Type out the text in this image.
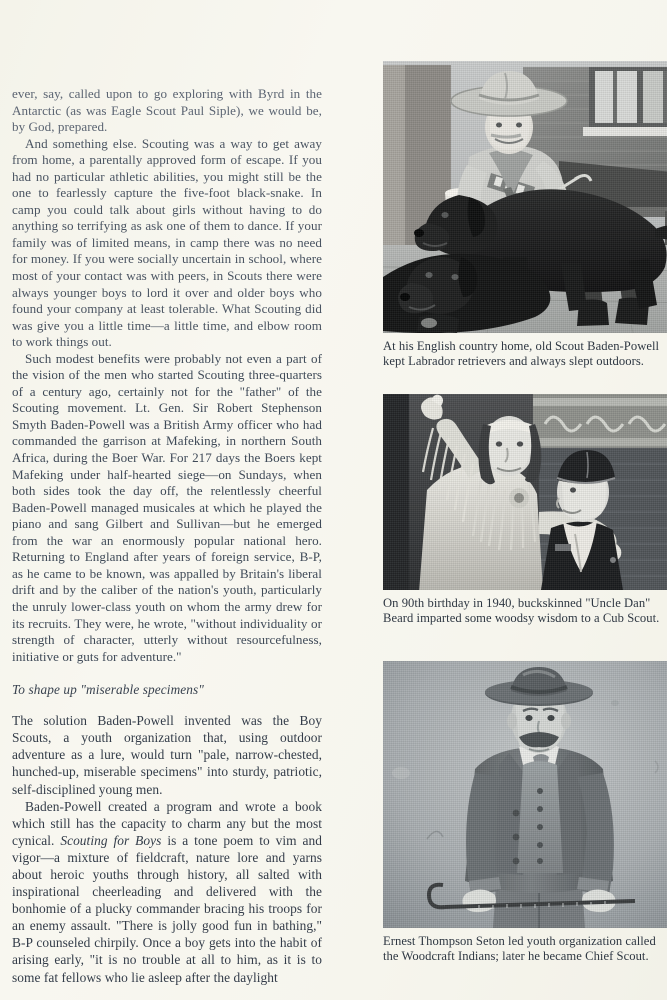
ever, say, called upon to go exploring with Byrd in the Antarctic (as was Eagle Scout Paul Siple), we would be, by God, prepared.

And something else. Scouting was a way to get away from home, a parentally approved form of escape. If you had no particular athletic abilities, you might still be the one to fearlessly capture the five-foot black-snake. In camp you could talk about girls without having to do anything so terrifying as ask one of them to dance. If your family was of limited means, in camp there was no need for money. If you were socially uncertain in school, where most of your contact was with peers, in Scouts there were always younger boys to lord it over and older boys who found your company at least tolerable. What Scouting did was give you a little time—a little time, and elbow room to work things out.

Such modest benefits were probably not even a part of the vision of the men who started Scouting three-quarters of a century ago, certainly not for the "father" of the Scouting movement. Lt. Gen. Sir Robert Stephenson Smyth Baden-Powell was a British Army officer who had commanded the garrison at Mafeking, in northern South Africa, during the Boer War. For 217 days the Boers kept Mafeking under half-hearted siege—on Sundays, when both sides took the day off, the relentlessly cheerful Baden-Powell managed musicales at which he played the piano and sang Gilbert and Sullivan—but he emerged from the war an enormously popular national hero. Returning to England after years of foreign service, B-P, as he came to be known, was appalled by Britain's liberal drift and by the caliber of the nation's youth, particularly the unruly lower-class youth on whom the army drew for its recruits. They were, he wrote, "without individuality or strength of character, utterly without resourcefulness, initiative or guts for adventure."

To shape up "miserable specimens"

The solution Baden-Powell invented was the Boy Scouts, a youth organization that, using outdoor adventure as a lure, would turn "pale, narrow-chested, hunched-up, miserable specimens" into sturdy, patriotic, self-disciplined young men.

Baden-Powell created a program and wrote a book which still has the capacity to charm any but the most cynical. Scouting for Boys is a tone poem to vim and vigor—a mixture of fieldcraft, nature lore and yarns about heroic youths through history, all salted with inspirational cheerleading and delivered with the bonhomie of a plucky commander bracing his troops for an enemy assault. "There is jolly good fun in bathing," B-P counseled chirpily. Once a boy gets into the habit of arising early, "it is no trouble at all to him, as it is to some fat fellows who lie asleep after the daylight

At his English country home, old Scout Baden-Powell
kept Labrador retrievers and always slept outdoors.
On 90th birthday in 1940, buckskinned "Uncle Dan"
Beard imparted some woodsy wisdom to a Cub Scout.
Ernest Thompson Seton led youth organization called
the Woodcraft Indians; later he became Chief Scout.
